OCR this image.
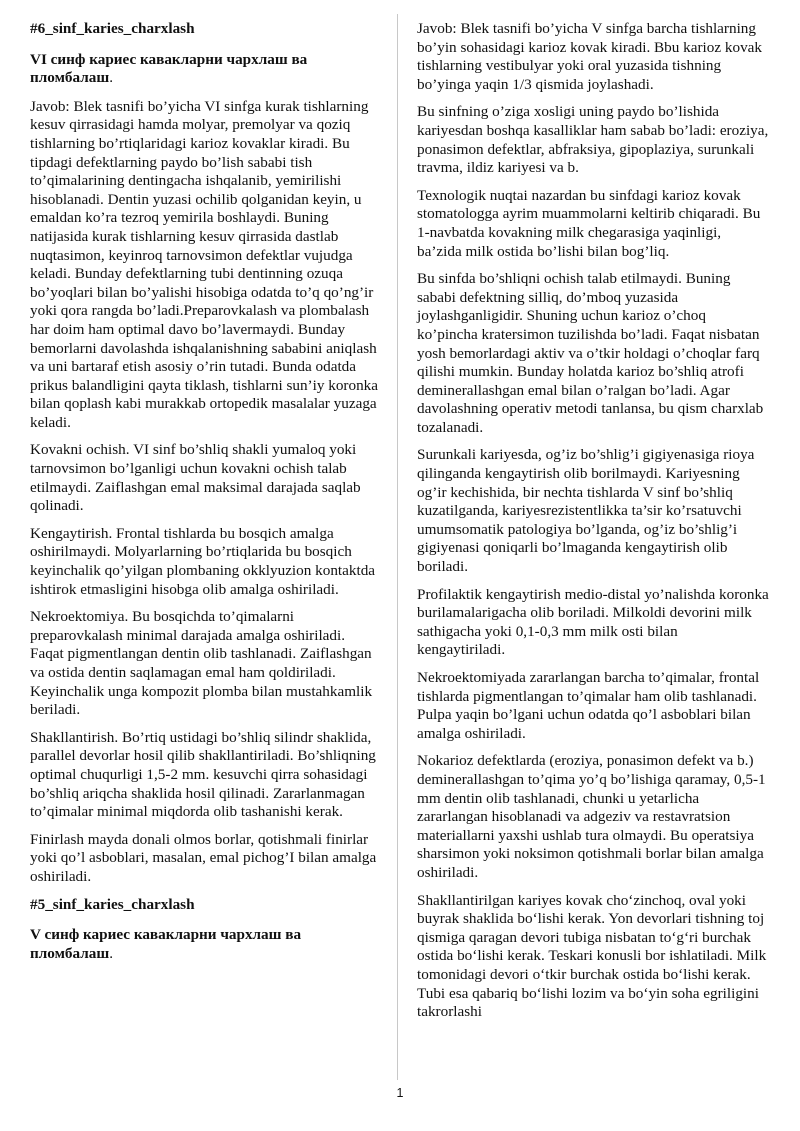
#6_sinf_karies_charxlash

VI синф кариес кавакларни чархлаш ва пломбалаш.

Javob: Blek tasnifi bo’yicha VI sinfga kurak tishlarning kesuv qirrasidagi hamda molyar, premolyar va qoziq tishlarning bo’rtiqlaridagi karioz kovaklar kiradi. Bu tipdagi defektlarning paydo bo’lish sababi tish to’qimalarining dentingacha ishqalanib, yemirilishi hisoblanadi. Dentin yuzasi ochilib qolganidan keyin, u emaldan ko’ra tezroq yemirila boshlaydi. Buning natijasida kurak tishlarning kesuv qirrasida dastlab nuqtasimon, keyinroq tarnovsimon defektlar vujudga keladi. Bunday defektlarning tubi dentinning ozuqa bo’yoqlari bilan bo’yalishi hisobiga odatda to’q qo’ng’ir yoki qora rangda bo’ladi.Preparovkalash va plombalash har doim ham optimal davo bo’lavermaydi. Bunday bemorlarni davolashda ishqalanishning sababini aniqlash va uni bartaraf etish asosiy o’rin tutadi. Bunda odatda prikus balandligini qayta tiklash, tishlarni sun’iy koronka bilan qoplash kabi murakkab ortopedik masalalar yuzaga keladi.

Kovakni ochish. VI sinf bo’shliq shakli yumaloq yoki tarnovsimon bo’lganligi uchun kovakni ochish talab etilmaydi. Zaiflashgan emal maksimal darajada saqlab qolinadi.

Kengaytirish. Frontal tishlarda bu bosqich amalga oshirilmaydi. Molyarlarning bo’rtiqlarida bu bosqich keyinchalik qo’yilgan plombaning okklyuzion kontaktda ishtirok etmasligini hisobga olib amalga oshiriladi.

Nekroektomiya. Bu bosqichda to’qimalarni preparovkalash minimal darajada amalga oshiriladi. Faqat pigmentlangan dentin olib tashlanadi. Zaiflashgan va ostida dentin saqlamagan emal ham qoldiriladi. Keyinchalik unga kompozit plomba bilan mustahkamlik beriladi.

Shakllantirish. Bo’rtiq ustidagi bo’shliq silindr shaklida, parallel devorlar hosil qilib shakllantiriladi. Bo’shliqning optimal chuqurligi 1,5-2 mm. kesuvchi qirra sohasidagi bo’shliq ariqcha shaklida hosil qilinadi. Zararlanmagan to’qimalar minimal miqdorda olib tashanishi kerak.

Finirlash mayda donali olmos borlar, qotishmali finirlar yoki qo’l asboblari, masalan, emal pichog’I bilan amalga oshiriladi.

#5_sinf_karies_charxlash

V синф кариес кавакларни чархлаш ва пломбалаш.

Javob: Blek tasnifi bo’yicha V sinfga barcha tishlarning bo’yin sohasidagi karioz kovak kiradi. Bbu karioz kovak tishlarning vestibulyar yoki oral yuzasida tishning bo’yinga yaqin 1/3 qismida joylashadi.

Bu sinfning o’ziga xosligi uning paydo bo’lishida kariyesdan boshqa kasalliklar ham sabab bo’ladi: eroziya, ponasimon defektlar, abfraksiya, gipoplaziya, surunkali travma, ildiz kariyesi va b.

Texnologik nuqtai nazardan bu sinfdagi karioz kovak stomatologga ayrim muammolarni keltirib chiqaradi. Bu 1-navbatda kovakning milk chegarasiga yaqinligi, ba’zida milk ostida bo’lishi bilan bog’liq.

Bu sinfda bo’shliqni ochish talab etilmaydi. Buning sababi defektning silliq, do’mboq yuzasida joylashganligidir. Shuning uchun karioz o’choq ko’pincha kratersimon tuzilishda bo’ladi. Faqat nisbatan yosh bemorlardagi aktiv va o’tkir holdagi o’choqlar farq qilishi mumkin. Bunday holatda karioz bo’shliq atrofi deminerallashgan emal bilan o’ralgan bo’ladi. Agar davolashning operativ metodi tanlansa, bu qism charxlab tozalanadi.

Surunkali kariyesda, og’iz bo’shlig’i gigiyenasiga rioya qilinganda kengaytirish olib borilmaydi. Kariyesning og’ir kechishida, bir nechta tishlarda V sinf bo’shliq kuzatilganda, kariyesrezistentlikka ta’sir ko’rsatuvchi umumsomatik patologiya bo’lganda, og’iz bo’shlig’i gigiyenasi qoniqarli bo’lmaganda kengaytirish olib boriladi.

Profilaktik kengaytirish medio-distal yo’nalishda koronka burilamalarigacha olib boriladi. Milkoldi devorini milk sathigacha yoki 0,1-0,3 mm milk osti bilan kengaytiriladi.

Nekroektomiyada zararlangan barcha to’qimalar, frontal tishlarda pigmentlangan to’qimalar ham olib tashlanadi. Pulpa yaqin bo’lgani uchun odatda qo’l asboblari bilan amalga oshiriladi.

Nokarioz defektlarda (eroziya, ponasimon defekt va b.) deminerallashgan to’qima yo’q bo’lishiga qaramay, 0,5-1 mm dentin olib tashlanadi, chunki u yetarlicha zararlangan hisoblanadi va adgeziv va restavratsion materiallarni yaxshi ushlab tura olmaydi. Bu operatsiya sharsimon yoki noksimon qotishmali borlar bilan amalga oshiriladi.

Shakllantirilgan kariyes kovak cho‘zinchoq, oval yoki buyrak shaklida bo‘lishi kerak. Yon devorlari tishning toj qismiga qaragan devori tubiga nisbatan to‘g‘ri burchak ostida bo‘lishi kerak. Teskari konusli bor ishlatiladi. Milk tomonidagi devori o‘tkir burchak ostida bo‘lishi kerak. Tubi esa qabariq bo‘lishi lozim va bo‘yin soha egriligini takrorlashi

1
